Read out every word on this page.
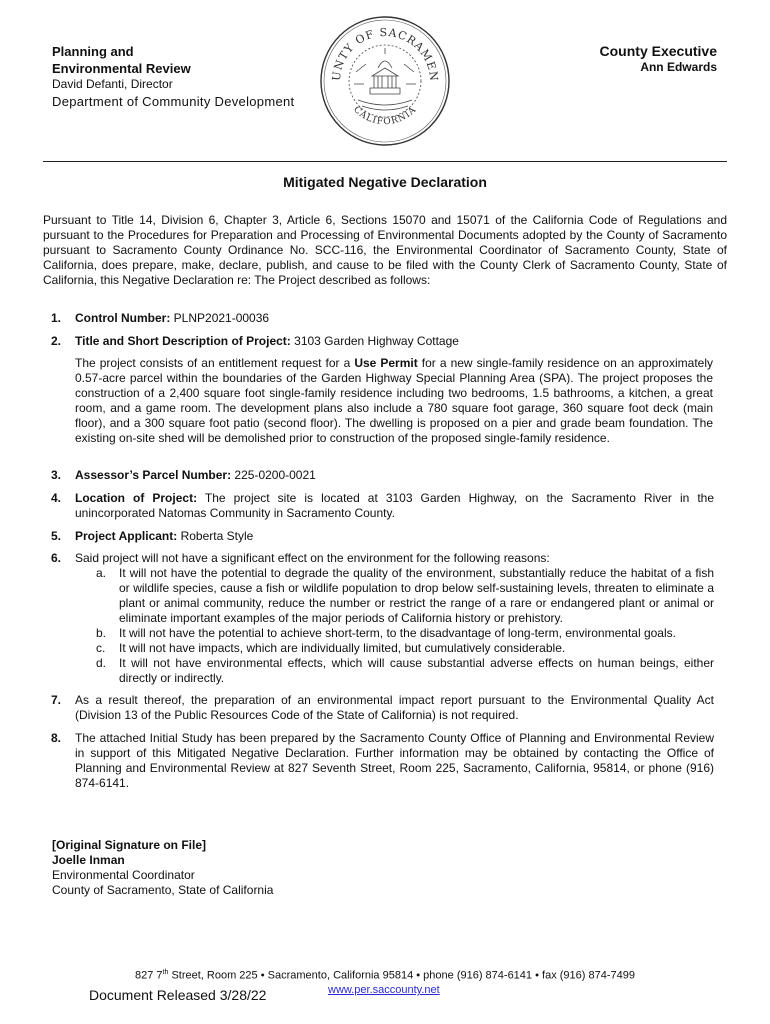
Planning and
Environmental Review
David Defanti, Director
Department of Community Development
UNTY OF SACRAMEN
CALIFORNIA
County Executive
Ann Edwards
Mitigated Negative Declaration
Pursuant to Title 14, Division 6, Chapter 3, Article 6, Sections 15070 and 15071 of the California Code of Regulations and pursuant to the Procedures for Preparation and Processing of Environmental Documents adopted by the County of Sacramento pursuant to Sacramento County Ordinance No. SCC-116, the Environmental Coordinator of Sacramento County, State of California, does prepare, make, declare, publish, and cause to be filed with the County Clerk of Sacramento County, State of California, this Negative Declaration re: The Project described as follows:
1. Control Number: PLNP2021-00036
2. Title and Short Description of Project: 3103 Garden Highway Cottage
The project consists of an entitlement request for a Use Permit for a new single-family residence on an approximately 0.57-acre parcel within the boundaries of the Garden Highway Special Planning Area (SPA). The project proposes the construction of a 2,400 square foot single-family residence including two bedrooms, 1.5 bathrooms, a kitchen, a great room, and a game room. The development plans also include a 780 square foot garage, 360 square foot deck (main floor), and a 300 square foot patio (second floor). The dwelling is proposed on a pier and grade beam foundation. The existing on-site shed will be demolished prior to construction of the proposed single-family residence.
3. Assessor’s Parcel Number: 225-0200-0021
4. Location of Project: The project site is located at 3103 Garden Highway, on the Sacramento River in the unincorporated Natomas Community in Sacramento County.
5. Project Applicant: Roberta Style
6. Said project will not have a significant effect on the environment for the following reasons:
a. It will not have the potential to degrade the quality of the environment, substantially reduce the habitat of a fish or wildlife species, cause a fish or wildlife population to drop below self-sustaining levels, threaten to eliminate a plant or animal community, reduce the number or restrict the range of a rare or endangered plant or animal or eliminate important examples of the major periods of California history or prehistory.
b. It will not have the potential to achieve short-term, to the disadvantage of long-term, environmental goals.
c. It will not have impacts, which are individually limited, but cumulatively considerable.
d. It will not have environmental effects, which will cause substantial adverse effects on human beings, either directly or indirectly.
7. As a result thereof, the preparation of an environmental impact report pursuant to the Environmental Quality Act (Division 13 of the Public Resources Code of the State of California) is not required.
8. The attached Initial Study has been prepared by the Sacramento County Office of Planning and Environmental Review in support of this Mitigated Negative Declaration. Further information may be obtained by contacting the Office of Planning and Environmental Review at 827 Seventh Street, Room 225, Sacramento, California, 95814, or phone (916) 874-6141.
[Original Signature on File]
Joelle Inman
Environmental Coordinator
County of Sacramento, State of California
827 7th Street, Room 225 • Sacramento, California 95814 • phone (916) 874-6141 • fax (916) 874-7499
Document Released 3/28/22	www.per.saccounty.net
